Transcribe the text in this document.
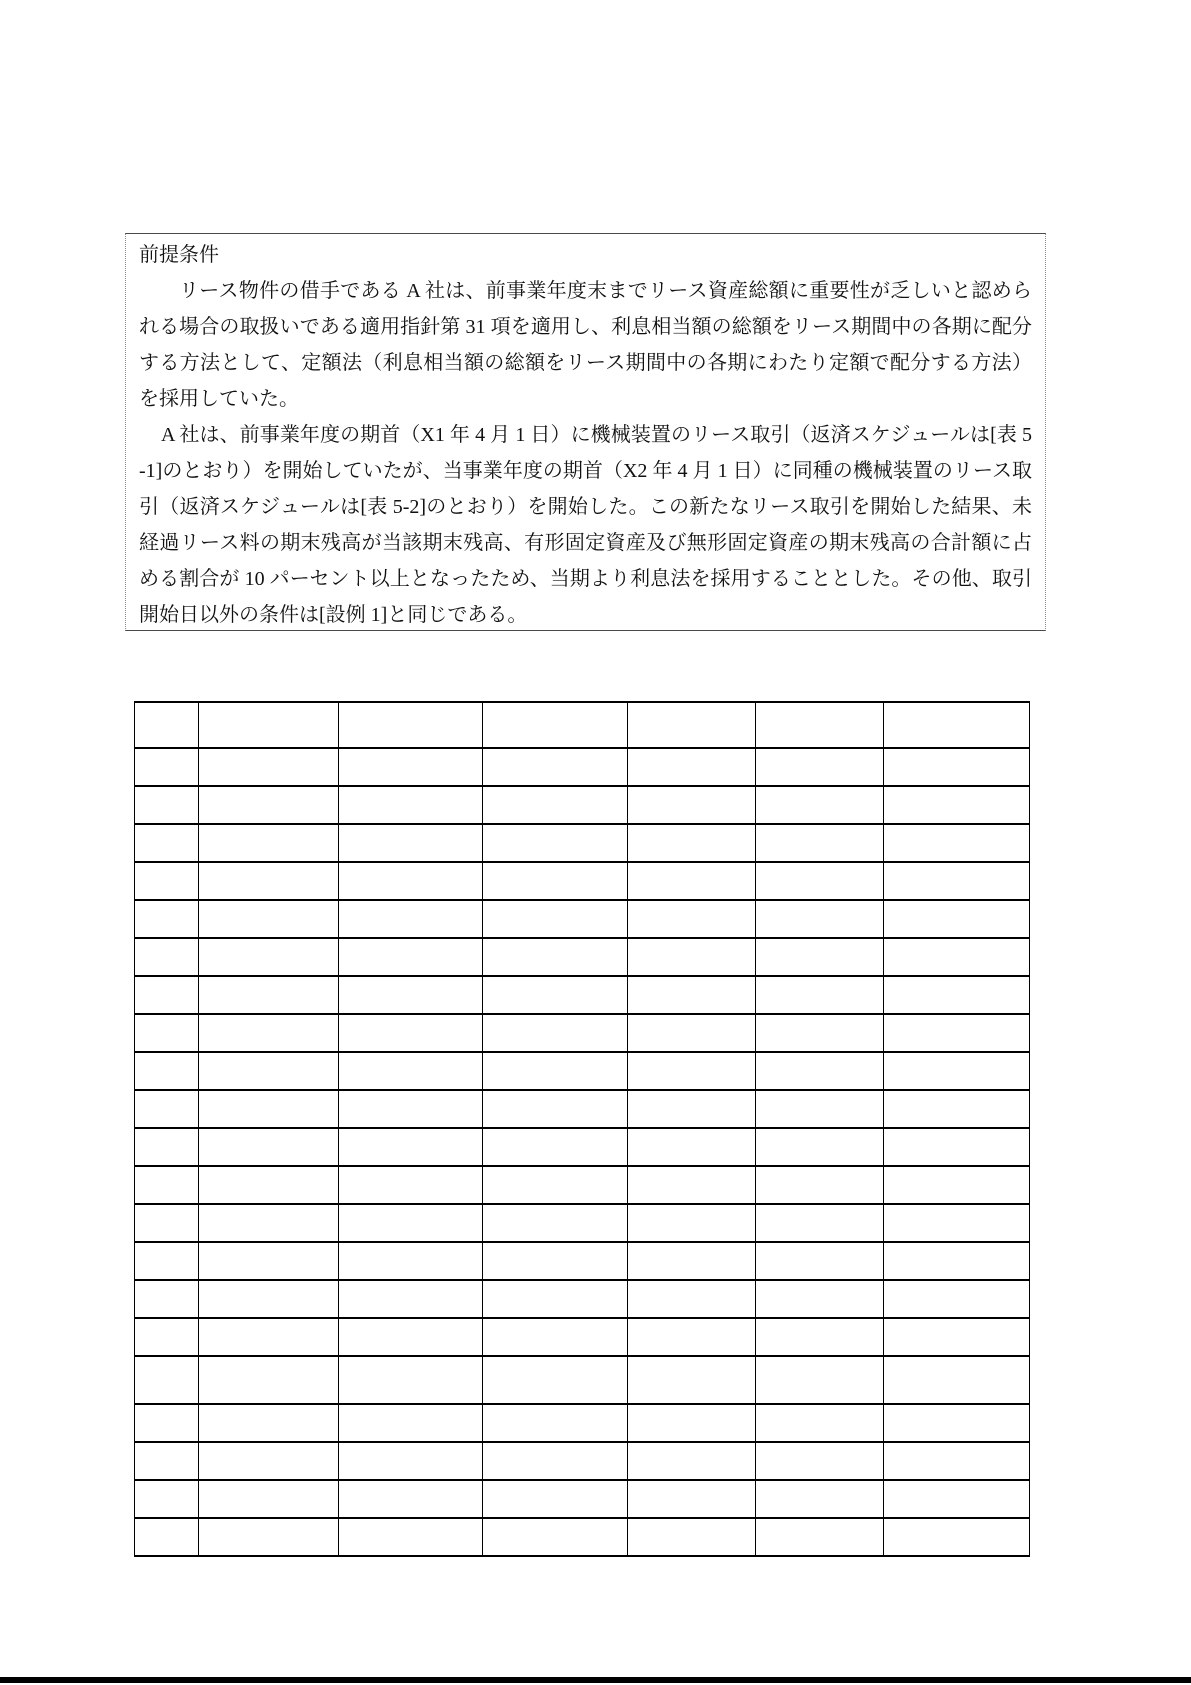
前提条件

リース物件の借手である A 社は、前事業年度末までリース資産総額に重要性が乏しいと認められる場合の取扱いである適用指針第 31 項を適用し、利息相当額の総額をリース期間中の各期に配分する方法として、定額法（利息相当額の総額をリース期間中の各期にわたり定額で配分する方法）を採用していた。

A 社は、前事業年度の期首（X1 年 4 月 1 日）に機械装置のリース取引（返済スケジュールは[表 5-1]のとおり）を開始していたが、当事業年度の期首（X2 年 4 月 1 日）に同種の機械装置のリース取引（返済スケジュールは[表 5-2]のとおり）を開始した。この新たなリース取引を開始した結果、未経過リース料の期末残高が当該期末残高、有形固定資産及び無形固定資産の期末残高の合計額に占める割合が 10 パーセント以上となったため、当期より利息法を採用することとした。その他、取引開始日以外の条件は[設例 1]と同じである。
